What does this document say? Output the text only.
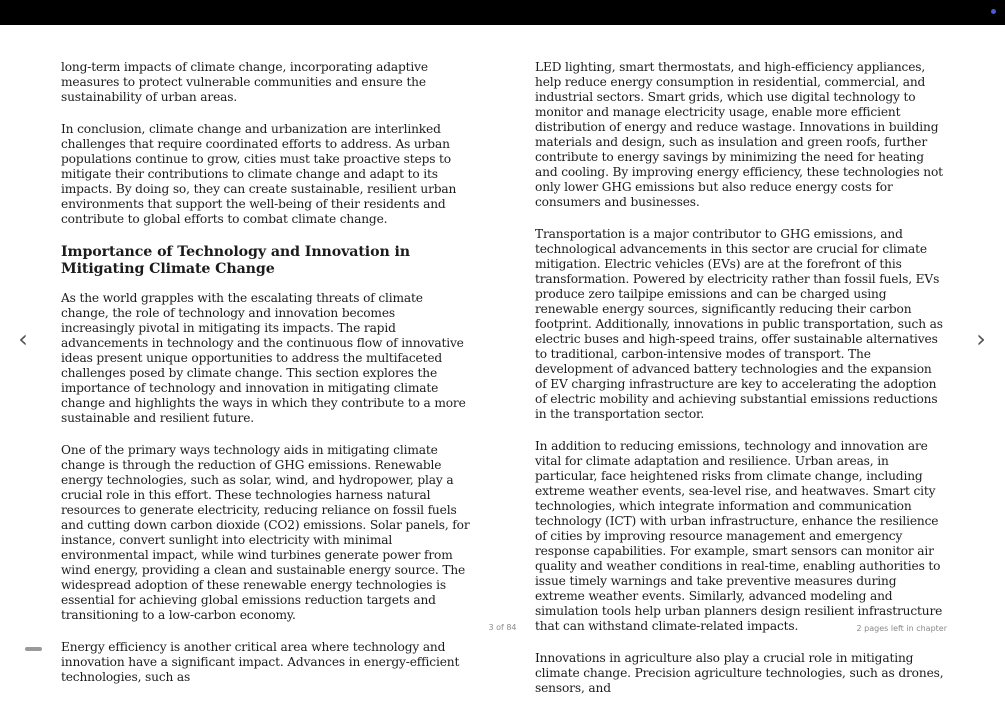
long-term impacts of climate change, incorporating adaptive measures to protect vulnerable communities and ensure the sustainability of urban areas.

In conclusion, climate change and urbanization are interlinked challenges that require coordinated efforts to address. As urban populations continue to grow, cities must take proactive steps to mitigate their contributions to climate change and adapt to its impacts. By doing so, they can create sustainable, resilient urban environments that support the well-being of their residents and contribute to global efforts to combat climate change.

Importance of Technology and Innovation in Mitigating Climate Change

As the world grapples with the escalating threats of climate change, the role of technology and innovation becomes increasingly pivotal in mitigating its impacts. The rapid advancements in technology and the continuous flow of innovative ideas present unique opportunities to address the multifaceted challenges posed by climate change. This section explores the importance of technology and innovation in mitigating climate change and highlights the ways in which they contribute to a more sustainable and resilient future.

One of the primary ways technology aids in mitigating climate change is through the reduction of GHG emissions. Renewable energy technologies, such as solar, wind, and hydropower, play a crucial role in this effort. These technologies harness natural resources to generate electricity, reducing reliance on fossil fuels and cutting down carbon dioxide (CO2) emissions. Solar panels, for instance, convert sunlight into electricity with minimal environmental impact, while wind turbines generate power from wind energy, providing a clean and sustainable energy source. The widespread adoption of these renewable energy technologies is essential for achieving global emissions reduction targets and transitioning to a low-carbon economy.

Energy efficiency is another critical area where technology and innovation have a significant impact. Advances in energy-efficient technologies, such as

LED lighting, smart thermostats, and high-efficiency appliances, help reduce energy consumption in residential, commercial, and industrial sectors. Smart grids, which use digital technology to monitor and manage electricity usage, enable more efficient distribution of energy and reduce wastage. Innovations in building materials and design, such as insulation and green roofs, further contribute to energy savings by minimizing the need for heating and cooling. By improving energy efficiency, these technologies not only lower GHG emissions but also reduce energy costs for consumers and businesses.

Transportation is a major contributor to GHG emissions, and technological advancements in this sector are crucial for climate mitigation. Electric vehicles (EVs) are at the forefront of this transformation. Powered by electricity rather than fossil fuels, EVs produce zero tailpipe emissions and can be charged using renewable energy sources, significantly reducing their carbon footprint. Additionally, innovations in public transportation, such as electric buses and high-speed trains, offer sustainable alternatives to traditional, carbon-intensive modes of transport. The development of advanced battery technologies and the expansion of EV charging infrastructure are key to accelerating the adoption of electric mobility and achieving substantial emissions reductions in the transportation sector.

In addition to reducing emissions, technology and innovation are vital for climate adaptation and resilience. Urban areas, in particular, face heightened risks from climate change, including extreme weather events, sea-level rise, and heatwaves. Smart city technologies, which integrate information and communication technology (ICT) with urban infrastructure, enhance the resilience of cities by improving resource management and emergency response capabilities. For example, smart sensors can monitor air quality and weather conditions in real-time, enabling authorities to issue timely warnings and take preventive measures during extreme weather events. Similarly, advanced modeling and simulation tools help urban planners design resilient infrastructure that can withstand climate-related impacts.

Innovations in agriculture also play a crucial role in mitigating climate change. Precision agriculture technologies, such as drones, sensors, and

‹	›
3 of 84	2 pages left in chapter
